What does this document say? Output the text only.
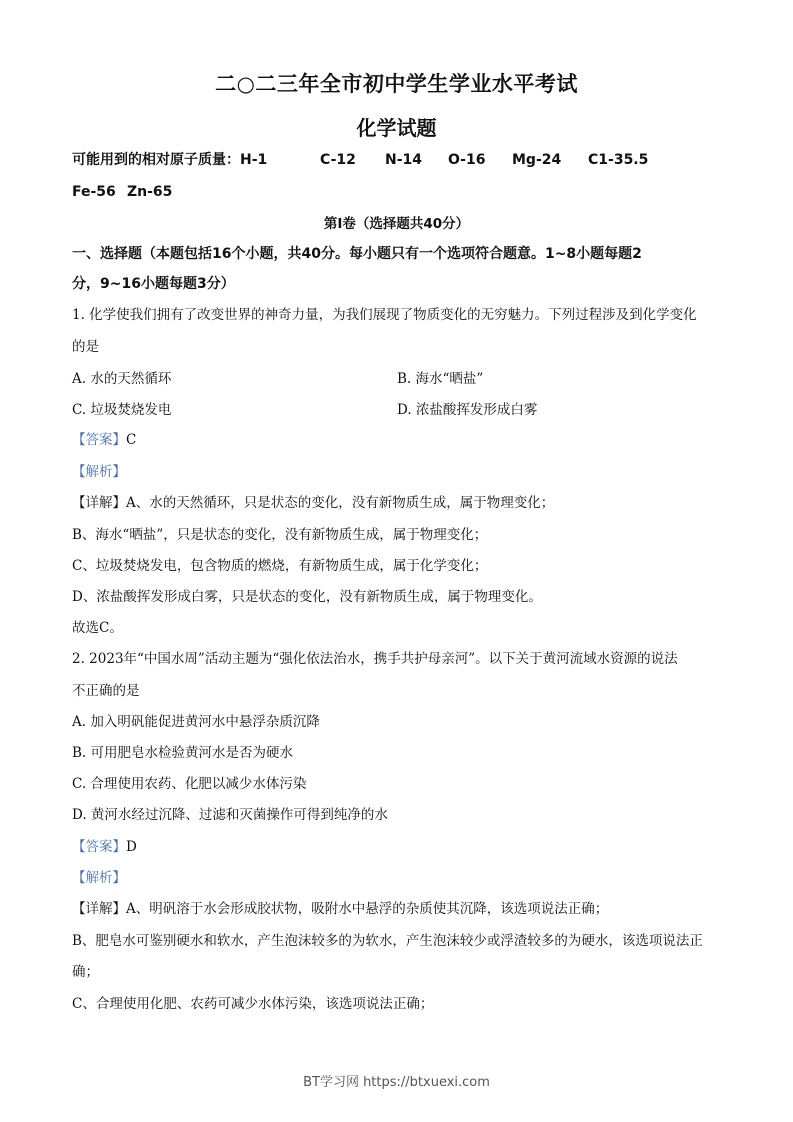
二○二三年全市初中学生学业水平考试
化学试题
可能用到的相对原子质量：H-1	C-12 N-14 O-16 Mg-24 C1-35.5
Fe-56 Zn-65
第I卷（选择题共40分）
一、选择题（本题包括16个小题，共40分。每小题只有一个选项符合题意。1~8小题每题2
分，9~16小题每题3分）
1. 化学使我们拥有了改变世界的神奇力量，为我们展现了物质变化的无穷魅力。下列过程涉及到化学变化
的是
A. 水的天然循环	B. 海水“晒盐”
C. 垃圾焚烧发电	D. 浓盐酸挥发形成白雾
【答案】C
【解析】
【详解】A、水的天然循环，只是状态的变化，没有新物质生成，属于物理变化；
B、海水“晒盐”，只是状态的变化，没有新物质生成，属于物理变化；
C、垃圾焚烧发电，包含物质的燃烧，有新物质生成，属于化学变化；
D、浓盐酸挥发形成白雾，只是状态的变化，没有新物质生成，属于物理变化。
故选C。
2. 2023年“中国水周”活动主题为“强化依法治水，携手共护母亲河”。以下关于黄河流域水资源的说法
不正确的是
A. 加入明矾能促进黄河水中悬浮杂质沉降
B. 可用肥皂水检验黄河水是否为硬水
C. 合理使用农药、化肥以减少水体污染
D. 黄河水经过沉降、过滤和灭菌操作可得到纯净的水
【答案】D
【解析】
【详解】A、明矾溶于水会形成胶状物，吸附水中悬浮的杂质使其沉降，该选项说法正确；
B、肥皂水可鉴别硬水和软水，产生泡沫较多的为软水，产生泡沫较少或浮渣较多的为硬水，该选项说法正
确；
C、合理使用化肥、农药可减少水体污染，该选项说法正确；
BT学习网 https://btxuexi.com
